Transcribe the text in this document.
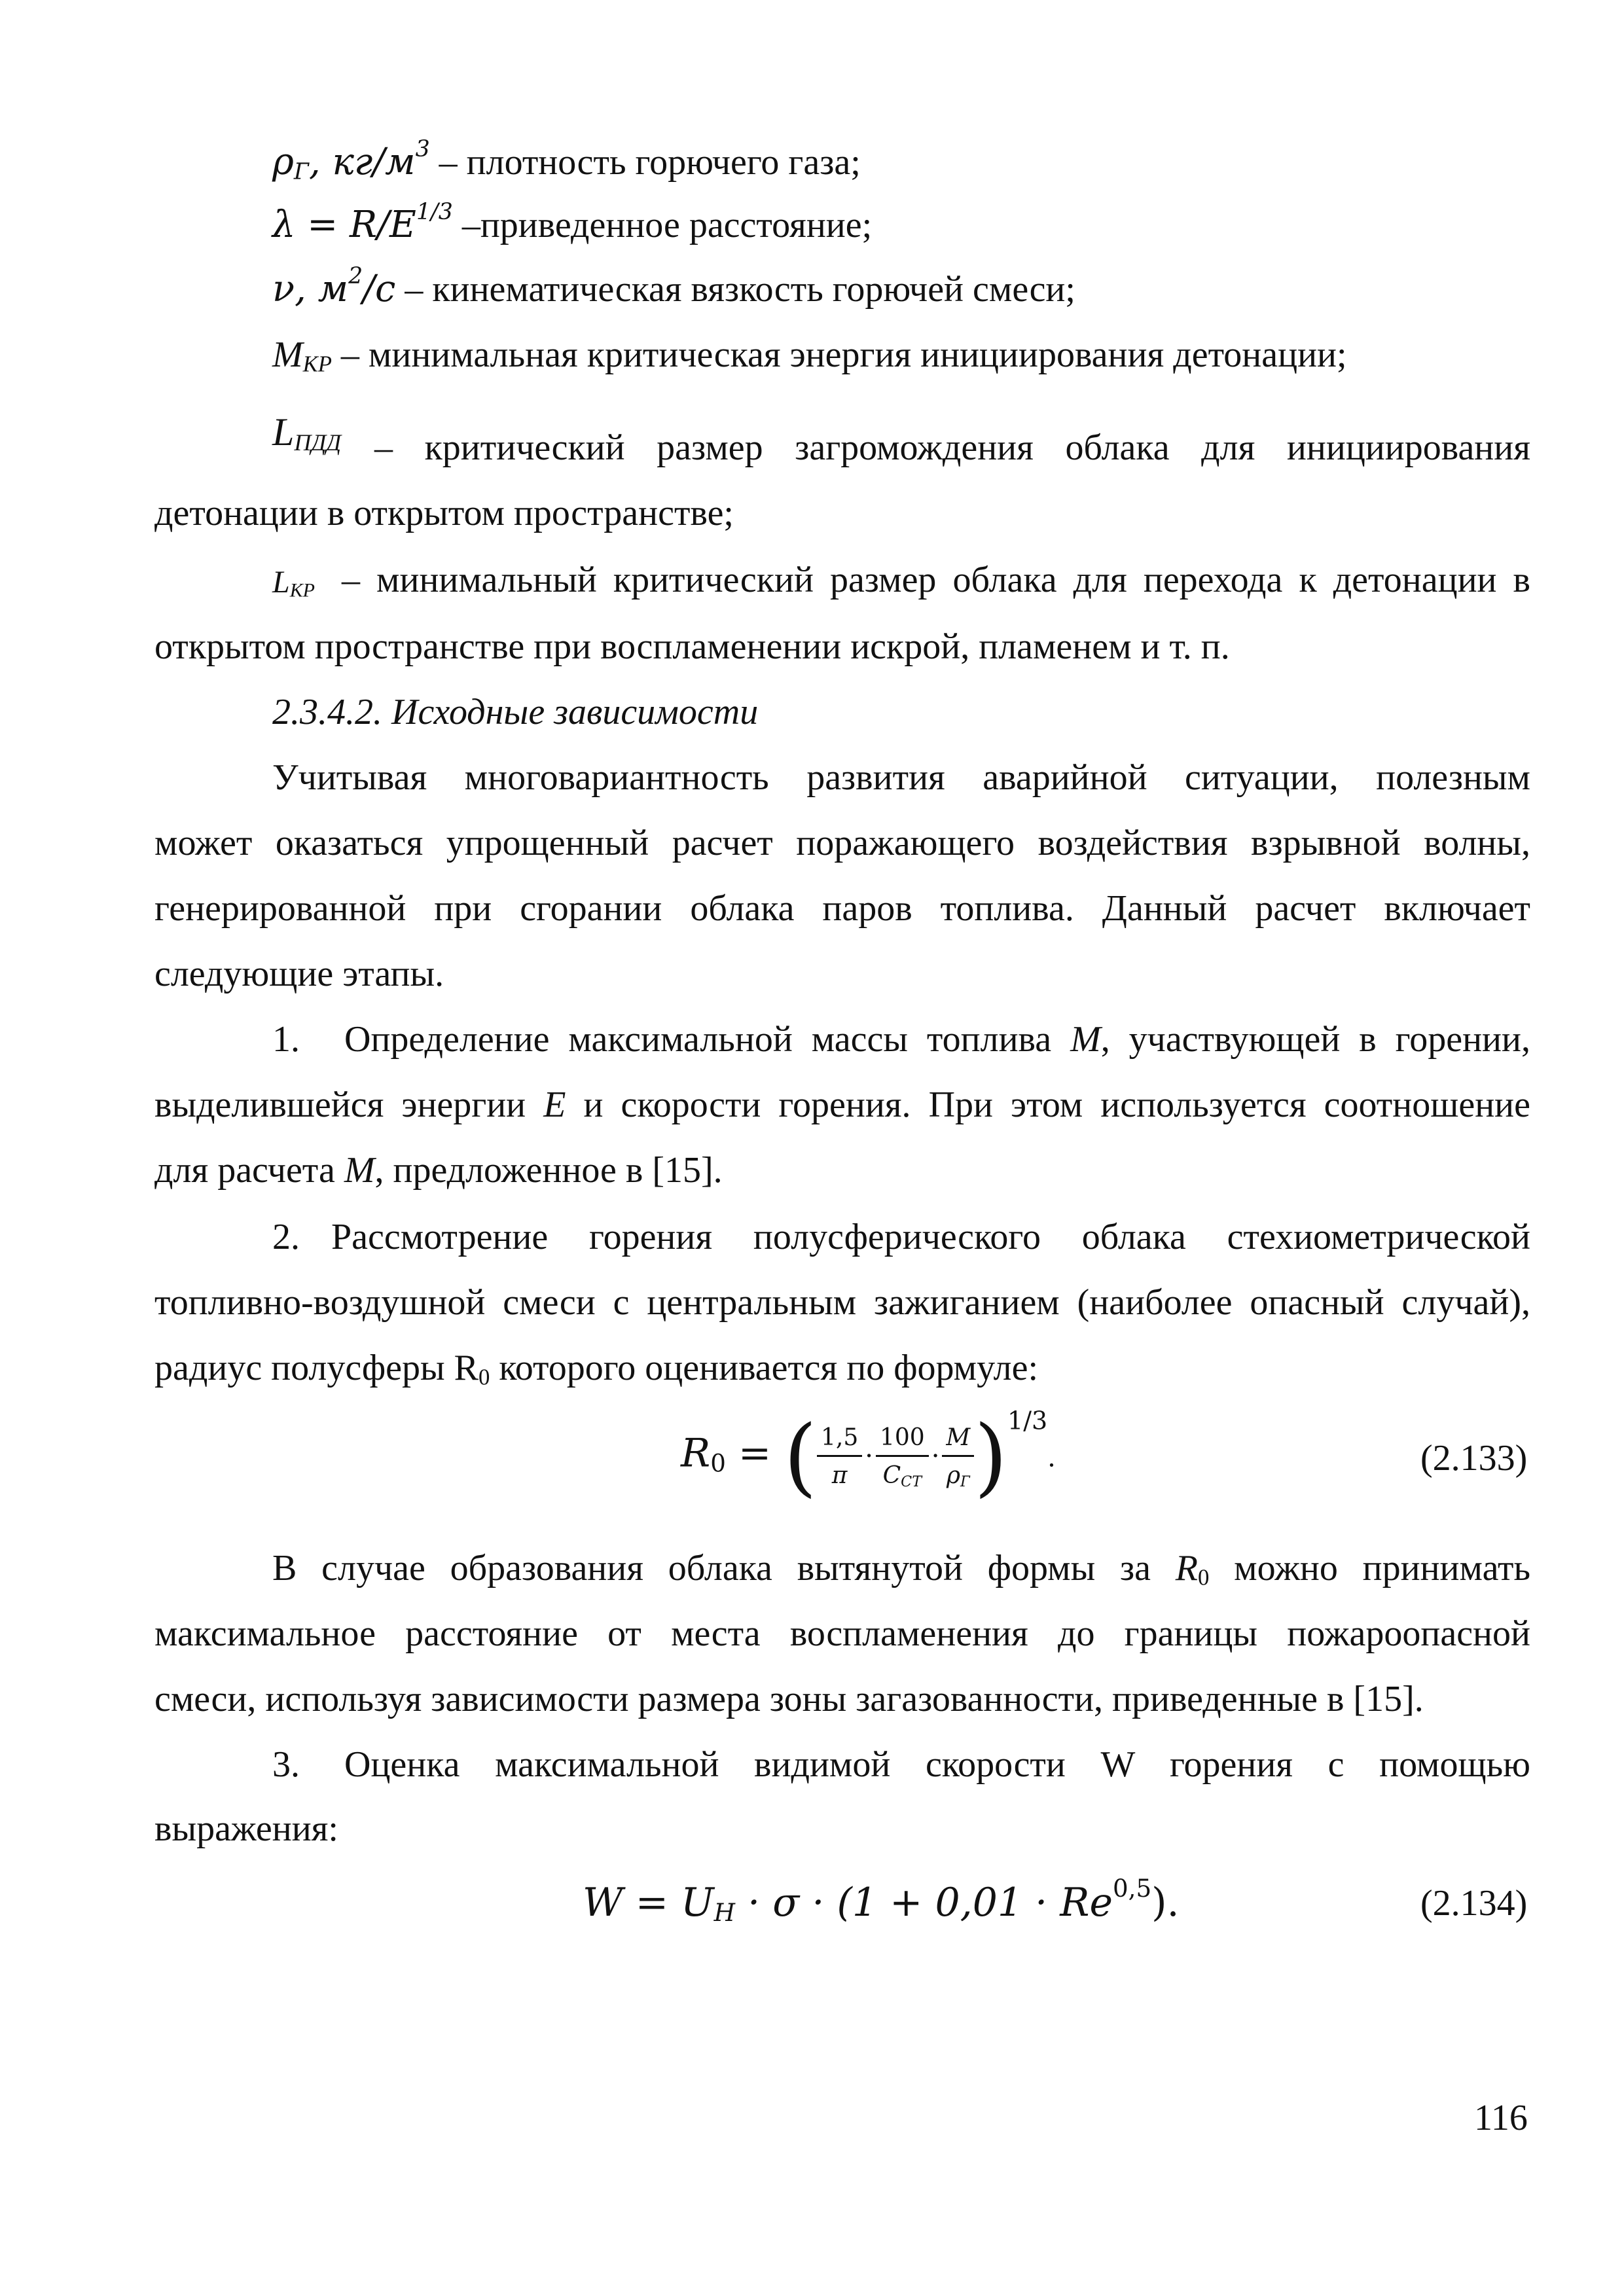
$\rho_Г$, $кг/м^3$ – плотность горючего газа;
$\lambda = R/E^{1/3}$ –приведенное расстояние;
ν, $м^2/с$ – кинематическая вязкость горючей смеси;
$M_{КР}$ – минимальная критическая энергия инициирования детонации;
$L_{ПДД}$ – критический размер загромождения облака для инициирования
детонации в открытом пространстве;
$L_{КР}$ – минимальный критический размер облака для перехода к детонации в
открытом пространстве при воспламенении искрой, пламенем и т. п.
2.3.4.2. Исходные зависимости
Учитывая многовариантность развития аварийной ситуации, полезным
может оказаться упрощенный расчет поражающего воздействия взрывной волны,
генерированной при сгорании облака паров топлива. Данный расчет включает
следующие этапы.
1. Определение максимальной массы топлива M, участвующей в горении,
выделившейся энергии E и скорости горения. При этом используется соотношение
для расчета M, предложенное в [15].
2. Рассмотрение горения полусферического облака стехиометрической
топливно-воздушной смеси с центральным зажиганием (наиболее опасный случай),
радиус полусферы $R_0$ которого оценивается по формуле:
$R_0$ = ( $\frac{1,5}{\pi} \cdot \frac{100}{C_{CT}} \cdot \frac{M}{\rho_Г} )^{1/3}$.	(2.133)
В случае образования облака вытянутой формы за $R_0$ можно принимать
максимальное расстояние от места воспламенения до границы пожароопасной
смеси, используя зависимости размера зоны загазованности, приведенные в [15].
3. Оценка максимальной видимой скорости W горения с помощью
выражения:
$W = U_H \cdot \sigma \cdot (1 + 0,01 \cdot Re^{0,5})$.	(2.134)
116
